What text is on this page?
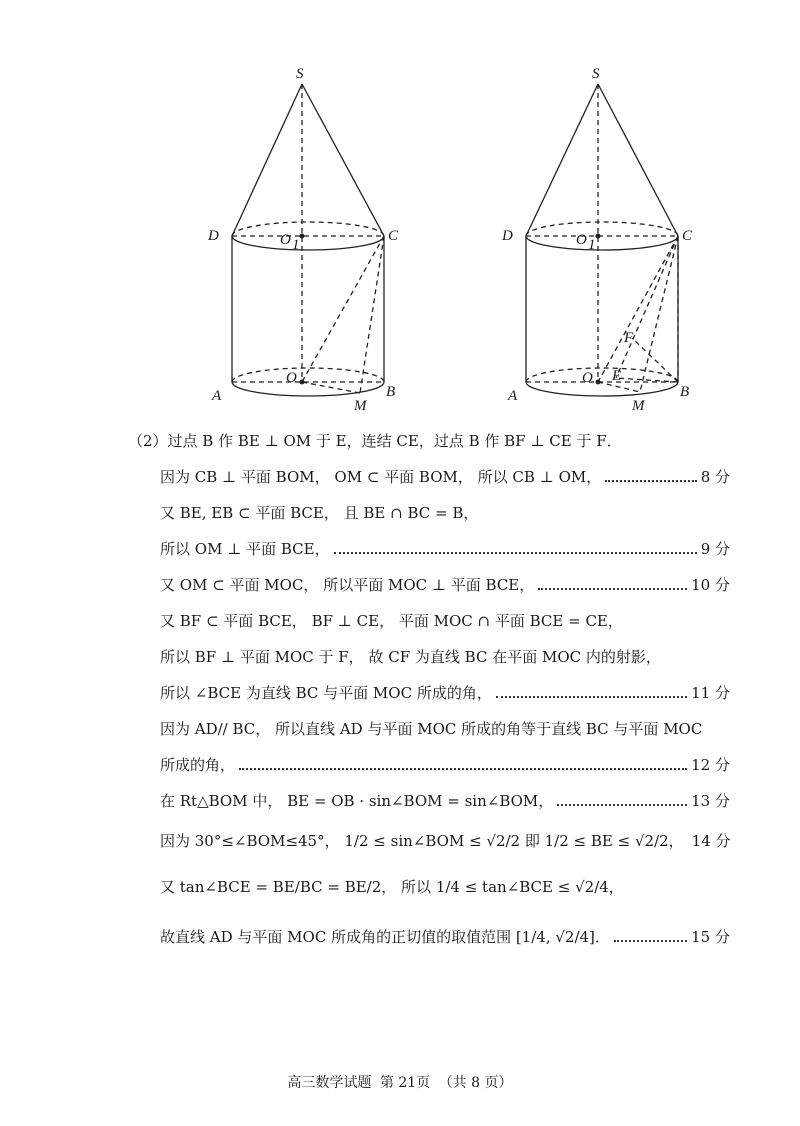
S
D	C
O 1
O
A	B
M
S
D	C
O 1
O E
F
A	B
M
（2）过点 B 作 BE ⊥ OM 于 E，连结 CE，过点 B 作 BF ⊥ CE 于 F．
因为 CB ⊥ 平面 BOM， OM ⊂ 平面 BOM， 所以 CB ⊥ OM，	8 分
又 BE, EB ⊂ 平面 BCE， 且 BE ∩ BC = B，
所以 OM ⊥ 平面 BCE，	9 分
又 OM ⊂ 平面 MOC， 所以平面 MOC ⊥ 平面 BCE，	10 分
又 BF ⊂ 平面 BCE， BF ⊥ CE， 平面 MOC ∩ 平面 BCE = CE，
所以 BF ⊥ 平面 MOC 于 F， 故 CF 为直线 BC 在平面 MOC 内的射影，
所以 ∠BCE 为直线 BC 与平面 MOC 所成的角，	11 分
因为 AD// BC， 所以直线 AD 与平面 MOC 所成的角等于直线 BC 与平面 MOC
所成的角，	12 分
在 Rt△BOM 中， BE = OB · sin∠BOM = sin∠BOM，	13 分
因为 30°≤∠BOM≤45°， 1/2 ≤ sin∠BOM ≤ √2/2 即 1/2 ≤ BE ≤ √2/2， 14 分
又 tan∠BCE = BE/BC = BE/2， 所以 1/4 ≤ tan∠BCE ≤ √2/4，
故直线 AD 与平面 MOC 所成角的正切值的取值范围 [1/4, √2/4]．	15 分
高三数学试题 第 21页 （共 8 页）
